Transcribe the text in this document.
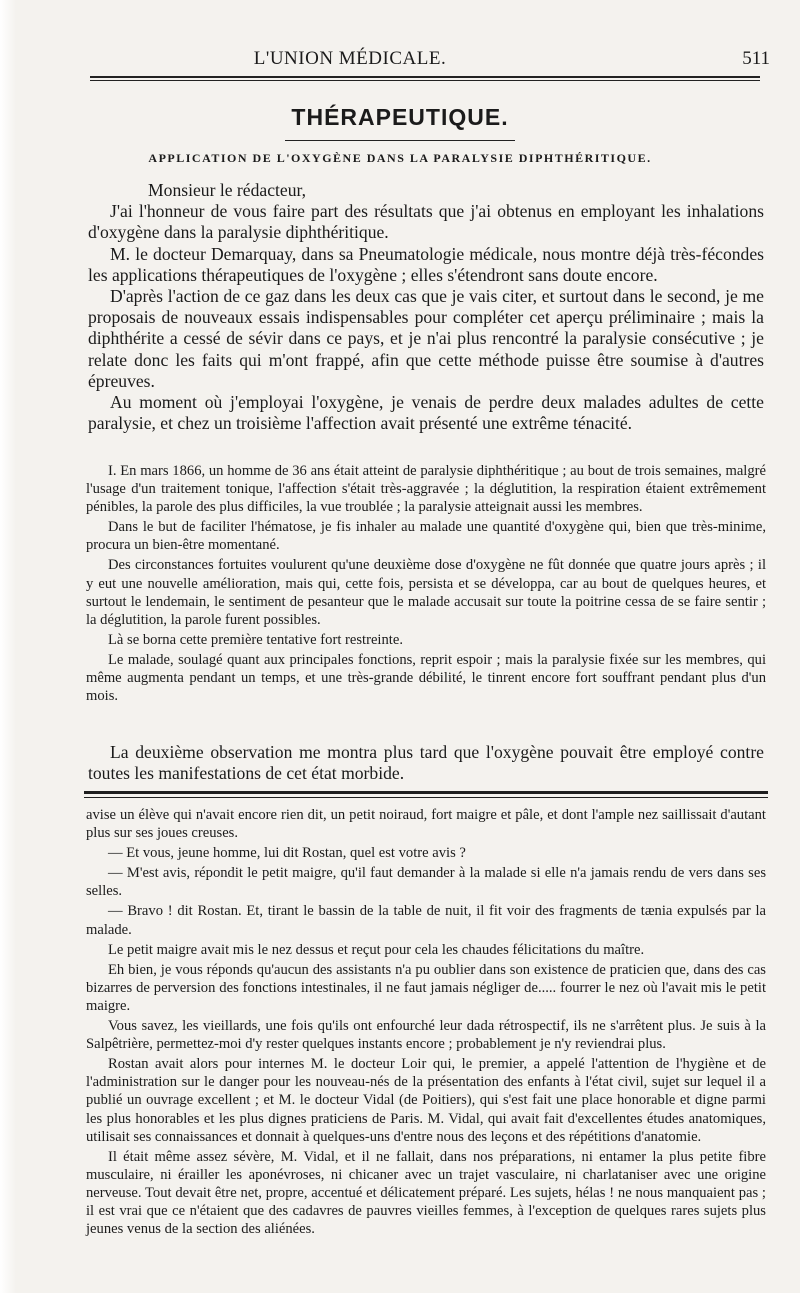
L'UNION MÉDICALE.	511
THÉRAPEUTIQUE.
APPLICATION DE L'OXYGÈNE DANS LA PARALYSIE DIPHTHÉRITIQUE.

Monsieur le rédacteur,

J'ai l'honneur de vous faire part des résultats que j'ai obtenus en employant les inhalations d'oxygène dans la paralysie diphthéritique.

M. le docteur Demarquay, dans sa Pneumatologie médicale, nous montre déjà très-fécondes les applications thérapeutiques de l'oxygène ; elles s'étendront sans doute encore.

D'après l'action de ce gaz dans les deux cas que je vais citer, et surtout dans le second, je me proposais de nouveaux essais indispensables pour compléter cet aperçu préliminaire ; mais la diphthérite a cessé de sévir dans ce pays, et je n'ai plus rencontré la paralysie consécutive ; je relate donc les faits qui m'ont frappé, afin que cette méthode puisse être soumise à d'autres épreuves.

Au moment où j'employai l'oxygène, je venais de perdre deux malades adultes de cette paralysie, et chez un troisième l'affection avait présenté une extrême ténacité.

I. En mars 1866, un homme de 36 ans était atteint de paralysie diphthéritique ; au bout de trois semaines, malgré l'usage d'un traitement tonique, l'affection s'était très-aggravée ; la déglutition, la respiration étaient extrêmement pénibles, la parole des plus difficiles, la vue troublée ; la paralysie atteignait aussi les membres.

Dans le but de faciliter l'hématose, je fis inhaler au malade une quantité d'oxygène qui, bien que très-minime, procura un bien-être momentané.

Des circonstances fortuites voulurent qu'une deuxième dose d'oxygène ne fût donnée que quatre jours après ; il y eut une nouvelle amélioration, mais qui, cette fois, persista et se développa, car au bout de quelques heures, et surtout le lendemain, le sentiment de pesanteur que le malade accusait sur toute la poitrine cessa de se faire sentir ; la déglutition, la parole furent possibles.

Là se borna cette première tentative fort restreinte.

Le malade, soulagé quant aux principales fonctions, reprit espoir ; mais la paralysie fixée sur les membres, qui même augmenta pendant un temps, et une très-grande débilité, le tinrent encore fort souffrant pendant plus d'un mois.

La deuxième observation me montra plus tard que l'oxygène pouvait être employé contre toutes les manifestations de cet état morbide.

avise un élève qui n'avait encore rien dit, un petit noiraud, fort maigre et pâle, et dont l'ample nez saillissait d'autant plus sur ses joues creuses.

— Et vous, jeune homme, lui dit Rostan, quel est votre avis ?

— M'est avis, répondit le petit maigre, qu'il faut demander à la malade si elle n'a jamais rendu de vers dans ses selles.

— Bravo ! dit Rostan. Et, tirant le bassin de la table de nuit, il fit voir des fragments de tænia expulsés par la malade.

Le petit maigre avait mis le nez dessus et reçut pour cela les chaudes félicitations du maître.

Eh bien, je vous réponds qu'aucun des assistants n'a pu oublier dans son existence de praticien que, dans des cas bizarres de perversion des fonctions intestinales, il ne faut jamais négliger de..... fourrer le nez où l'avait mis le petit maigre.

Vous savez, les vieillards, une fois qu'ils ont enfourché leur dada rétrospectif, ils ne s'arrêtent plus. Je suis à la Salpêtrière, permettez-moi d'y rester quelques instants encore ; probablement je n'y reviendrai plus.

Rostan avait alors pour internes M. le docteur Loir qui, le premier, a appelé l'attention de l'hygiène et de l'administration sur le danger pour les nouveau-nés de la présentation des enfants à l'état civil, sujet sur lequel il a publié un ouvrage excellent ; et M. le docteur Vidal (de Poitiers), qui s'est fait une place honorable et digne parmi les plus honorables et les plus dignes praticiens de Paris. M. Vidal, qui avait fait d'excellentes études anatomiques, utilisait ses connaissances et donnait à quelques-uns d'entre nous des leçons et des répétitions d'anatomie.

Il était même assez sévère, M. Vidal, et il ne fallait, dans nos préparations, ni entamer la plus petite fibre musculaire, ni érailler les aponévroses, ni chicaner avec un trajet vasculaire, ni charlataniser avec une origine nerveuse. Tout devait être net, propre, accentué et délicatement préparé. Les sujets, hélas ! ne nous manquaient pas ; il est vrai que ce n'étaient que des cadavres de pauvres vieilles femmes, à l'exception de quelques rares sujets plus jeunes venus de la section des aliénées.
